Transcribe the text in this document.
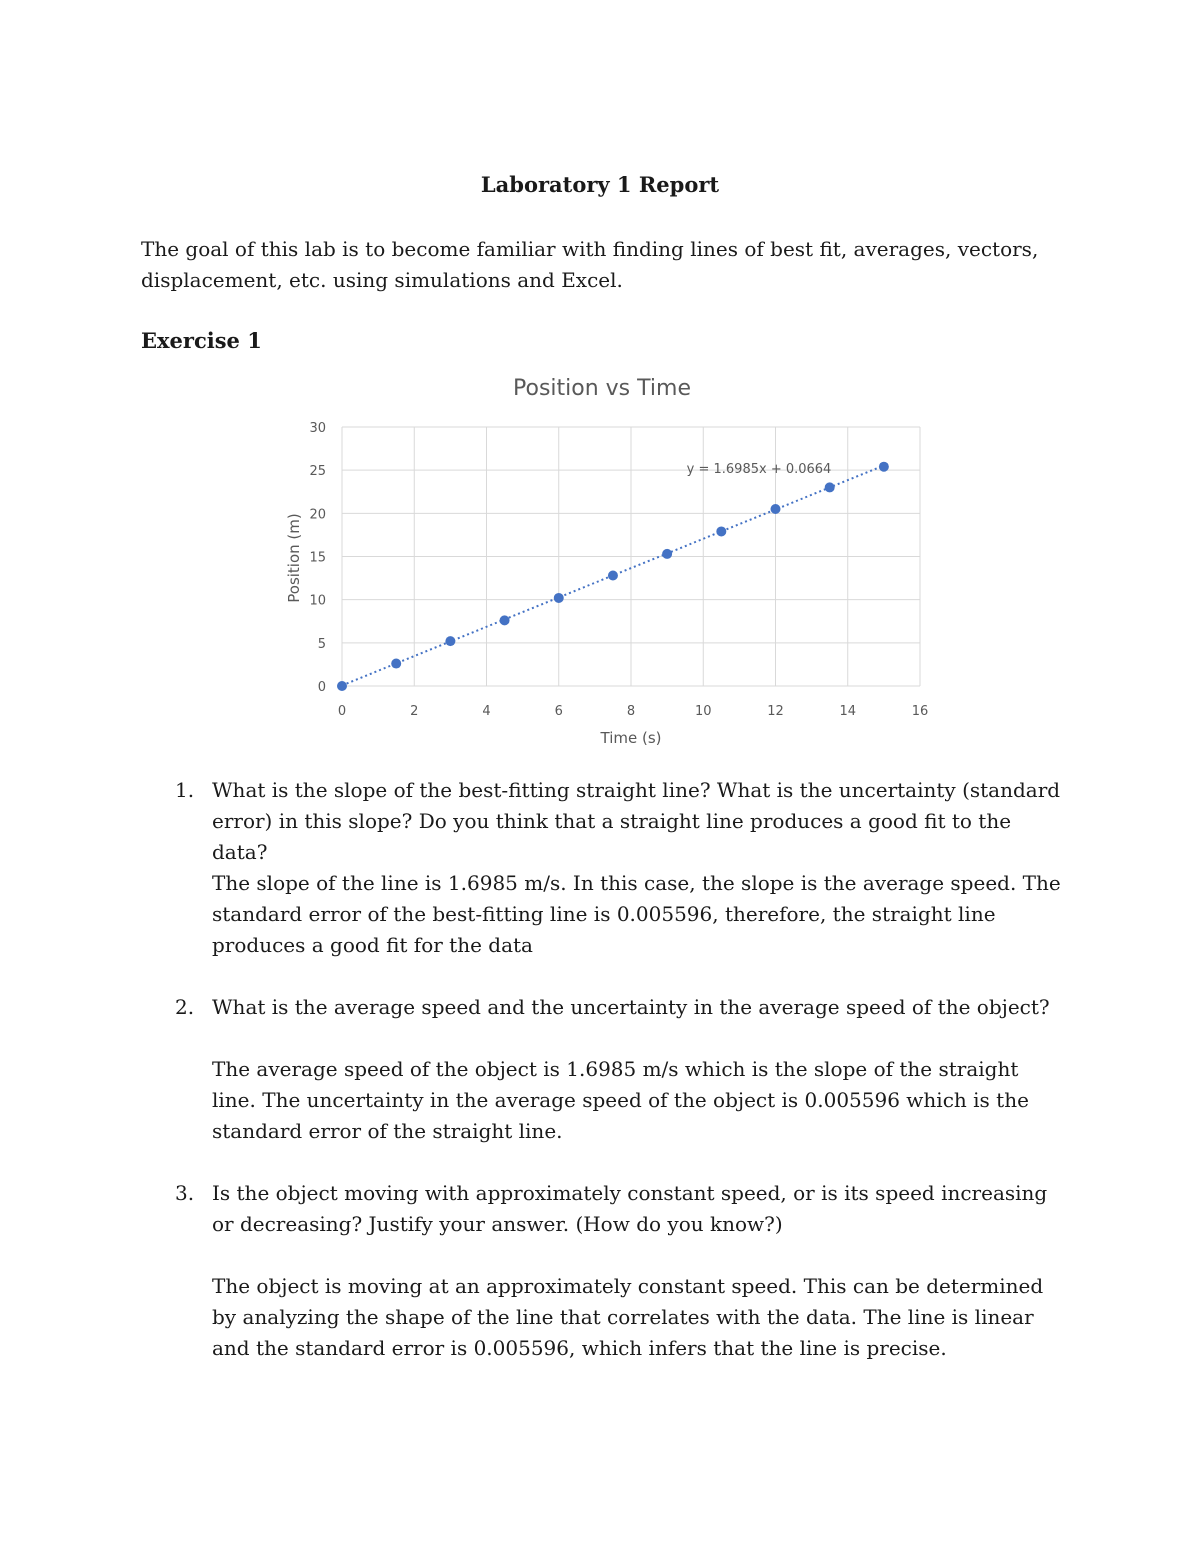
Laboratory 1 Report
The goal of this lab is to become familiar with finding lines of best fit, averages, vectors, displacement, etc. using simulations and Excel.
Exercise 1
Position vs Time
0	2	4	6	8	10	12	14	16
0
5
10
15
20
25
30
y = 1.6985x + 0.0664
Time (s)
Position (m)
1. What is the slope of the best-fitting straight line? What is the uncertainty (standard error) in this slope? Do you think that a straight line produces a good fit to the data?
The slope of the line is 1.6985 m/s. In this case, the slope is the average speed. The standard error of the best-fitting line is 0.005596, therefore, the straight line produces a good fit for the data
2. What is the average speed and the uncertainty in the average speed of the object?
The average speed of the object is 1.6985 m/s which is the slope of the straight line. The uncertainty in the average speed of the object is 0.005596 which is the standard error of the straight line.
3. Is the object moving with approximately constant speed, or is its speed increasing or decreasing? Justify your answer. (How do you know?)
The object is moving at an approximately constant speed. This can be determined by analyzing the shape of the line that correlates with the data. The line is linear and the standard error is 0.005596, which infers that the line is precise.
